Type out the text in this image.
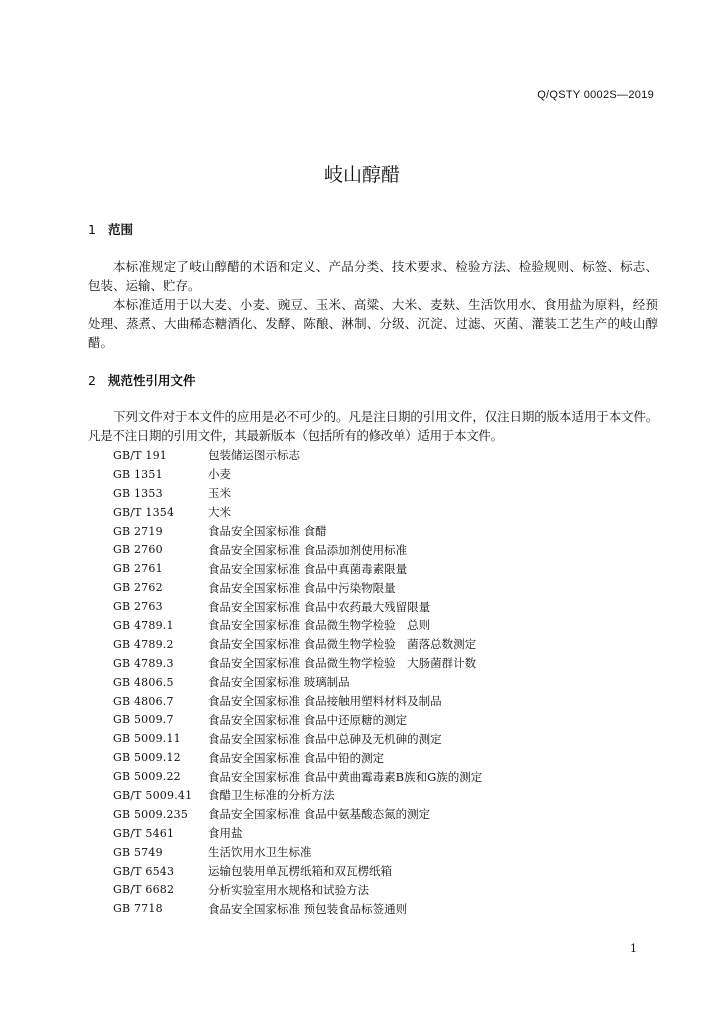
Q/QSTY 0002S—2019
岐山醇醋
1 范围

本标准规定了岐山醇醋的术语和定义、产品分类、技术要求、检验方法、检验规则、标签、标志、包装、运输、贮存。

本标准适用于以大麦、小麦、豌豆、玉米、高粱、大米、麦麸、生活饮用水、食用盐为原料，经预处理、蒸煮、大曲稀态糖酒化、发酵、陈酿、淋制、分级、沉淀、过滤、灭菌、灌装工艺生产的岐山醇醋。

2 规范性引用文件

下列文件对于本文件的应用是必不可少的。凡是注日期的引用文件，仅注日期的版本适用于本文件。凡是不注日期的引用文件，其最新版本（包括所有的修改单）适用于本文件。

GB/T 191	包装储运图示标志
GB 1351	小麦
GB 1353	玉米
GB/T 1354	大米
GB 2719	食品安全国家标准 食醋
GB 2760	食品安全国家标准 食品添加剂使用标准
GB 2761	食品安全国家标准 食品中真菌毒素限量
GB 2762	食品安全国家标准 食品中污染物限量
GB 2763	食品安全国家标准 食品中农药最大残留限量
GB 4789.1	食品安全国家标准 食品微生物学检验　总则
GB 4789.2	食品安全国家标准 食品微生物学检验　菌落总数测定
GB 4789.3	食品安全国家标准 食品微生物学检验　大肠菌群计数
GB 4806.5	食品安全国家标准 玻璃制品
GB 4806.7	食品安全国家标准 食品接触用塑料材料及制品
GB 5009.7	食品安全国家标准 食品中还原糖的测定
GB 5009.11	食品安全国家标准 食品中总砷及无机砷的测定
GB 5009.12	食品安全国家标准 食品中铅的测定
GB 5009.22	食品安全国家标准 食品中黄曲霉毒素B族和G族的测定
GB/T 5009.41	食醋卫生标准的分析方法
GB 5009.235	食品安全国家标准 食品中氨基酸态氮的测定
GB/T 5461	食用盐
GB 5749	生活饮用水卫生标准
GB/T 6543	运输包装用单瓦楞纸箱和双瓦楞纸箱
GB/T 6682	分析实验室用水规格和试验方法
GB 7718	食品安全国家标准 预包装食品标签通则
1
